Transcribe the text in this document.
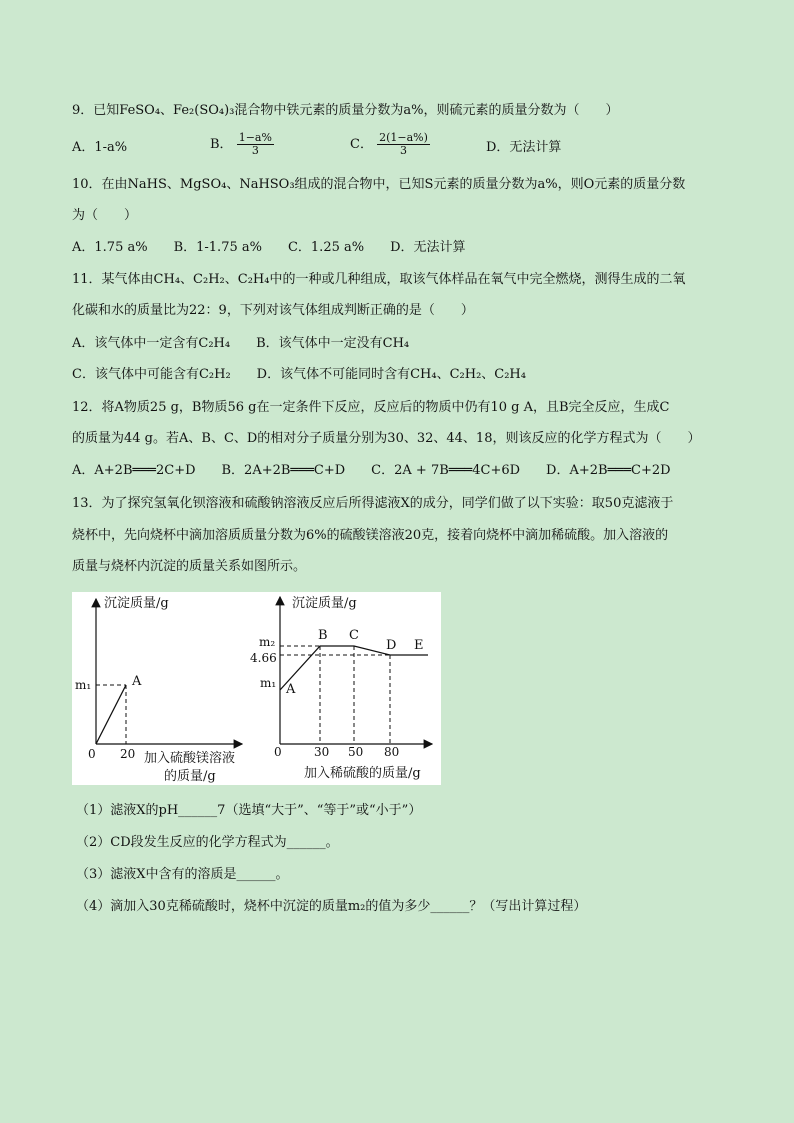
9．已知FeSO₄、Fe₂(SO₄)₃混合物中铁元素的质量分数为a%，则硫元素的质量分数为（　　）
A．1-a%	B． $\frac{1-a\%}{3}$	C． $\frac{2(1-a\%)}{3}$	D．无法计算
10．在由NaHS、MgSO₄、NaHSO₃组成的混合物中，已知S元素的质量分数为a%，则O元素的质量分数
为（　　）
A．1.75 a%　　B．1-1.75 a%　　C．1.25 a%　　D．无法计算
11．某气体由CH₄、C₂H₂、C₂H₄中的一种或几种组成，取该气体样品在氧气中完全燃烧，测得生成的二氧
化碳和水的质量比为22：9，下列对该气体组成判断正确的是（　　）
A．该气体中一定含有C₂H₄　　B．该气体中一定没有CH₄
C．该气体中可能含有C₂H₂　　D．该气体不可能同时含有CH₄、C₂H₂、C₂H₄
12．将A物质25 g，B物质56 g在一定条件下反应，反应后的物质中仍有10 g A，且B完全反应，生成C
的质量为44 g。若A、B、C、D的相对分子质量分别为30、32、44、18，则该反应的化学方程式为（　　）
A．A+2B═══2C+D　　B．2A+2B═══C+D　　C．2A + 7B═══4C+6D　　D．A+2B═══C+2D
13．为了探究氢氧化钡溶液和硫酸钠溶液反应后所得滤液X的成分，同学们做了以下实验：取50克滤液于
烧杯中，先向烧杯中滴加溶质质量分数为6%的硫酸镁溶液20克，接着向烧杯中滴加稀硫酸。加入溶液的
质量与烧杯内沉淀的质量关系如图所示。
沉淀质量/g
0 20 加入硫酸镁溶液
的质量/g
m₁	A
沉淀质量/g
0	30 50 80
加入稀硫酸的质量/g
m₂
4.66
m₁ A
B C
D E
（1）滤液X的pH______7（选填“大于”、“等于”或“小于”）
（2）CD段发生反应的化学方程式为______。
（3）滤液X中含有的溶质是______。
（4）滴加入30克稀硫酸时，烧杯中沉淀的质量m₂的值为多少______？（写出计算过程）
